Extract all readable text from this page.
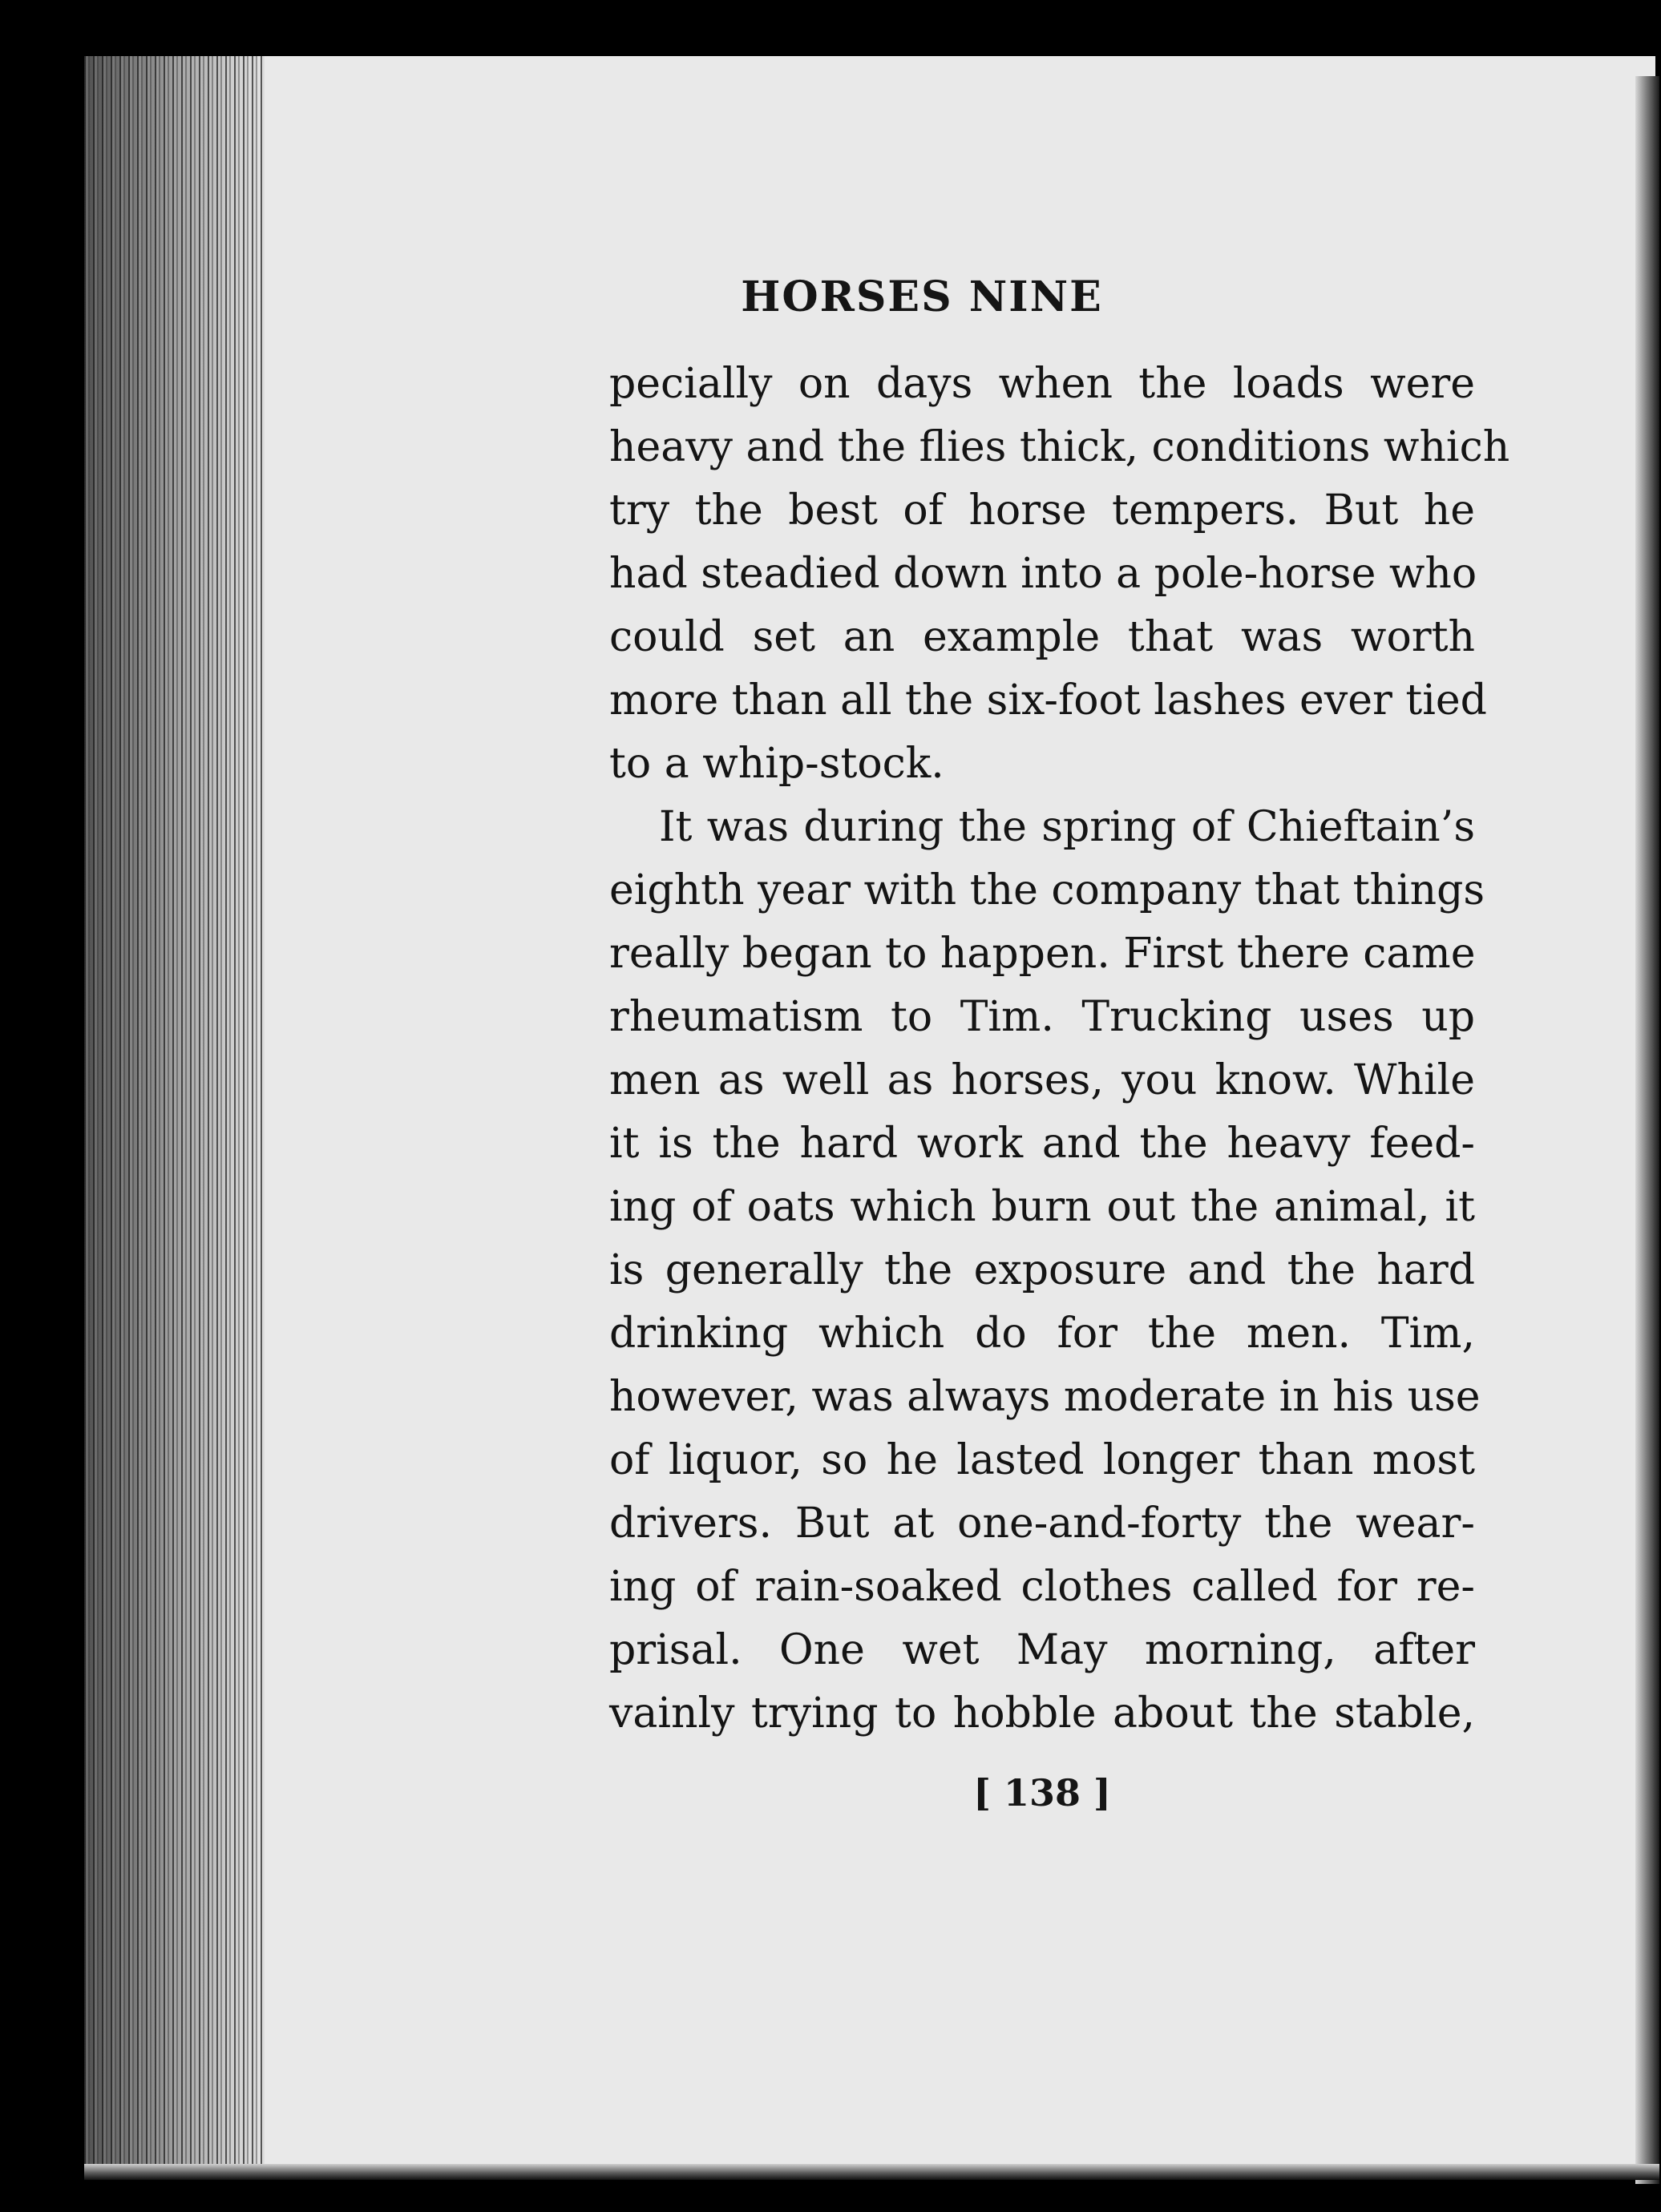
HORSES NINE

pecially on days when the loads were
heavy and the flies thick, conditions which
try the best of horse tempers. But he
had steadied down into a pole-horse who
could set an example that was worth
more than all the six-foot lashes ever tied
to a whip-stock.

It was during the spring of Chieftain’s
eighth year with the company that things
really began to happen. First there came
rheumatism to Tim. Trucking uses up
men as well as horses, you know. While
it is the hard work and the heavy feed-
ing of oats which burn out the animal, it
is generally the exposure and the hard
drinking which do for the men. Tim,
however, was always moderate in his use
of liquor, so he lasted longer than most
drivers. But at one-and-forty the wear-
ing of rain-soaked clothes called for re-
prisal. One wet May morning, after
vainly trying to hobble about the stable,

[ 138 ]
